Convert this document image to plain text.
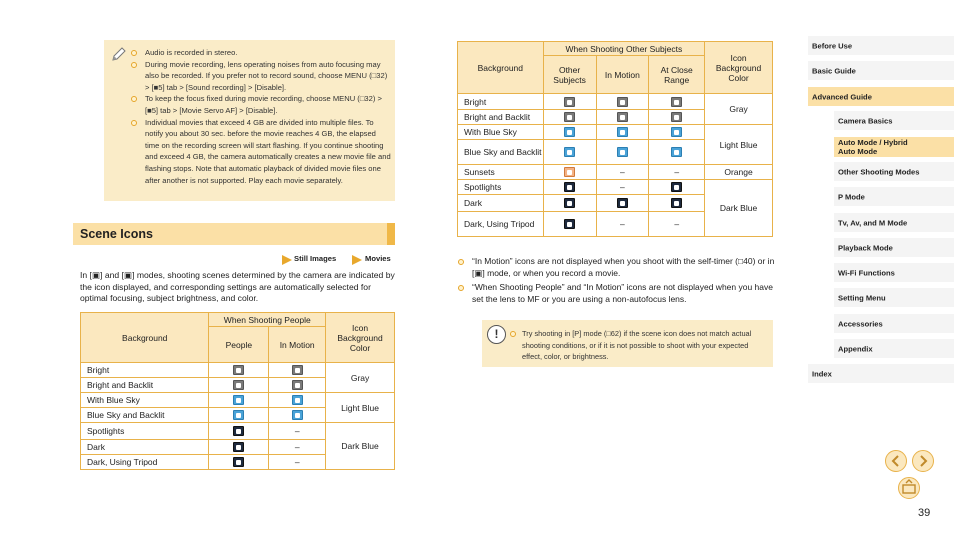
Audio is recorded in stereo.
During movie recording, lens operating noises from auto focusing may also be recorded. If you prefer not to record sound, choose MENU (□32) > [■5] tab > [Sound recording] > [Disable].
To keep the focus fixed during movie recording, choose MENU (□32) > [■5] tab > [Movie Servo AF] > [Disable].
Individual movies that exceed 4 GB are divided into multiple files. To notify you about 30 sec. before the movie reaches 4 GB, the elapsed time on the recording screen will start flashing. If you continue shooting and exceed 4 GB, the camera automatically creates a new movie file and flashing stops. Note that automatic playback of divided movie files one after another is not supported. Play each movie separately.
Scene Icons
Still Images	Movies

In [▣] and [▣] modes, shooting scenes determined by the camera are indicated by the icon displayed, and corresponding settings are automatically selected for optimal focusing, subject brightness, and color.

Background	When Shooting People		Icon Background Color
	People	In Motion	
Bright			Gray
Bright and Backlit		

With Blue Sky			Light Blue
Blue Sky and Backlit		

Spotlights		–	Dark Blue
Dark		–	
Dark, Using Tripod		–	
Background	When Shooting Other Subjects			Icon Background Color
	Other Subjects	In Motion	At Close Range	
Bright				Gray
Bright and Backlit		

With Blue Sky				Light Blue
Blue Sky and Backlit		

Sunsets		–	–	Orange
Spotlights		–		Dark Blue
Dark		

Dark, Using Tripod		–	–	
“In Motion” icons are not displayed when you shoot with the self-timer (□40) or in [▣] mode, or when you record a movie.
“When Shooting People” and “In Motion” icons are not displayed when you have set the lens to MF or you are using a non-autofocus lens.
!	Try shooting in [P] mode (□62) if the scene icon does not match actual shooting conditions, or if it is not possible to shoot with your expected effect, color, or brightness.

Before Use
Basic Guide
Advanced Guide
Camera Basics
Auto Mode / Hybrid Auto Mode
Other Shooting Modes
P Mode
Tv, Av, and M Mode
Playback Mode
Wi-Fi Functions
Setting Menu
Accessories
Appendix
Index
39
